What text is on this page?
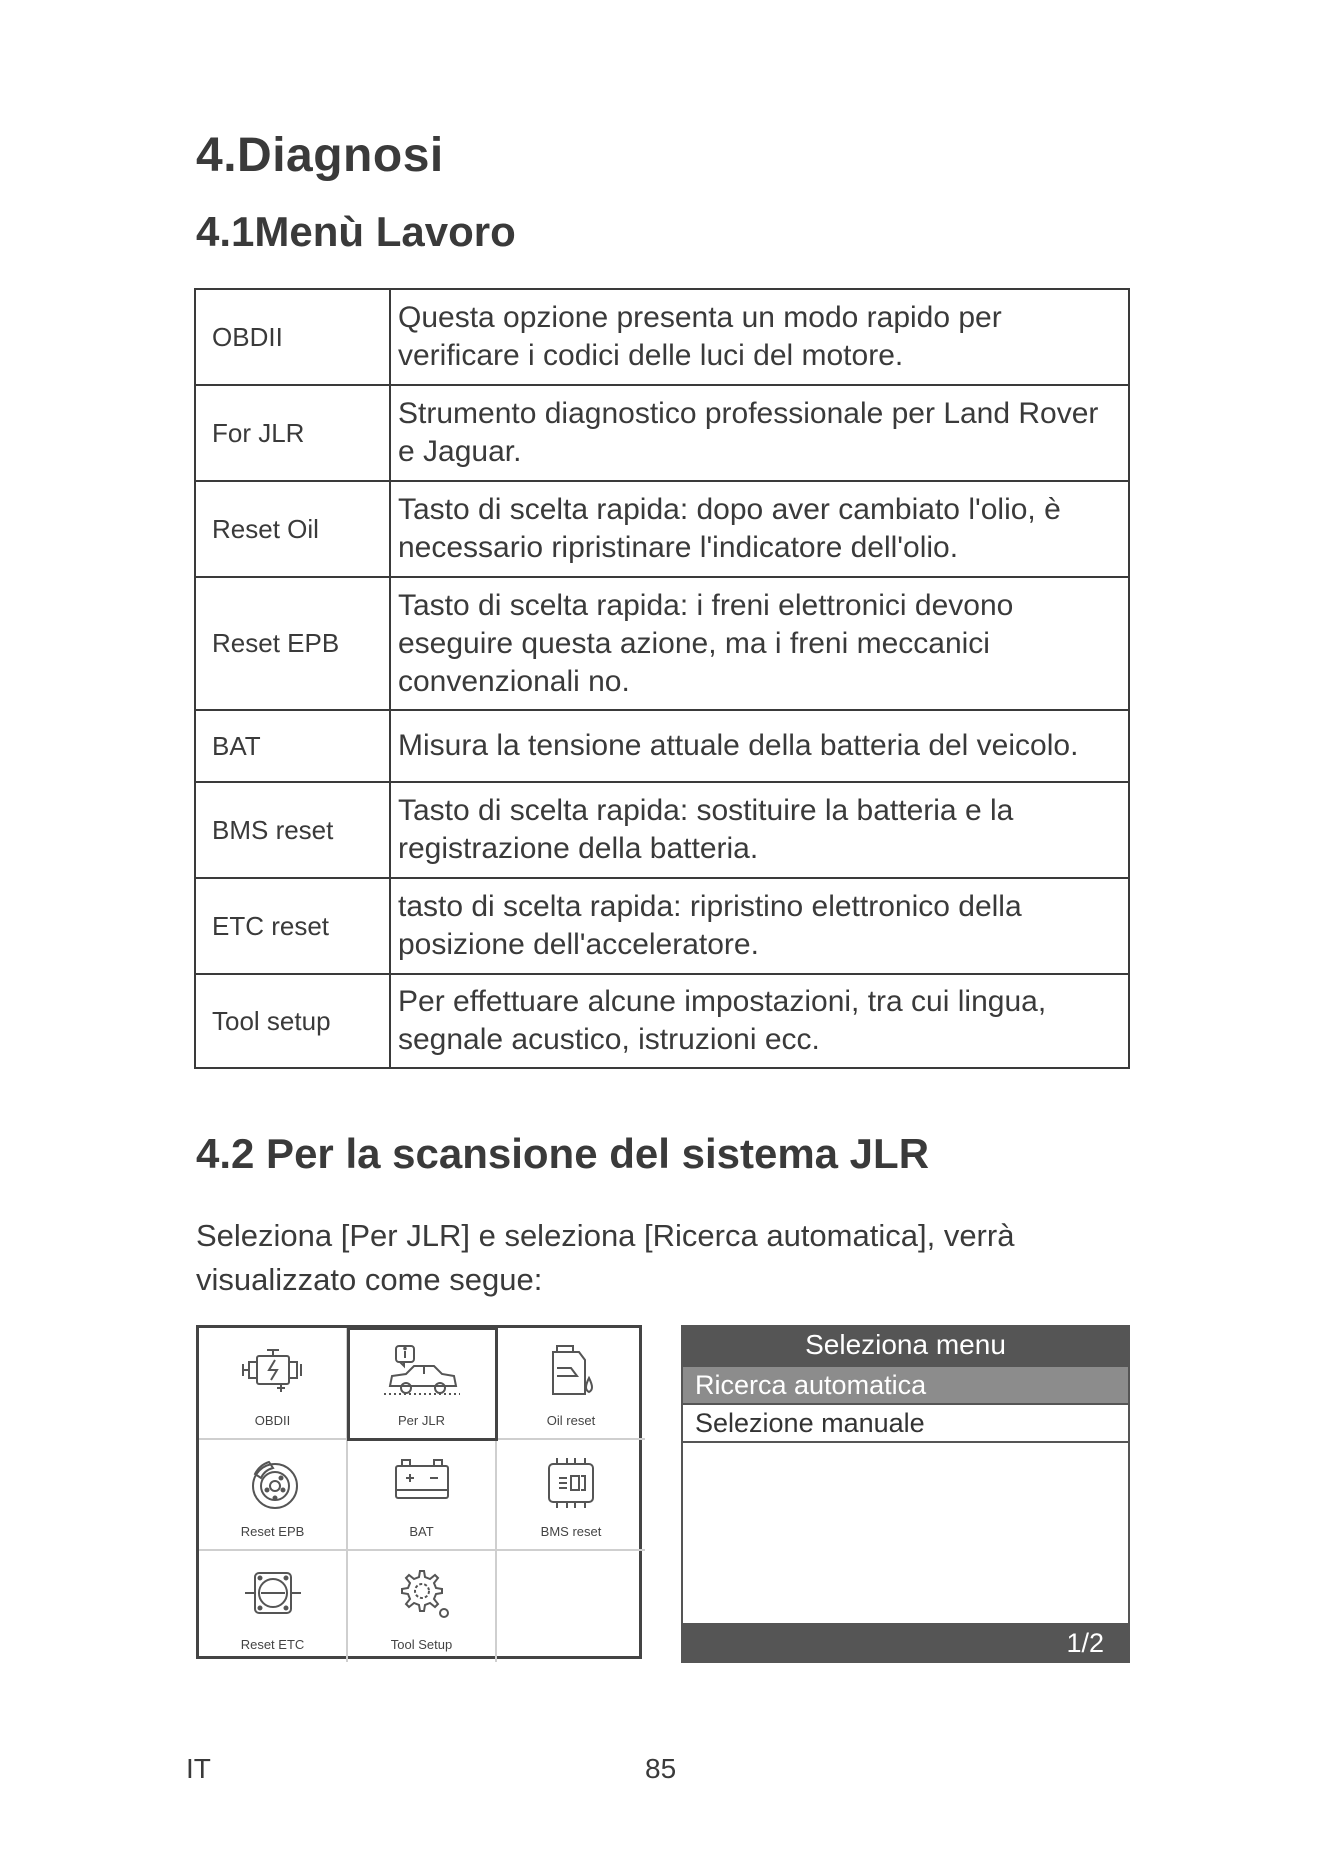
4.Diagnosi
4.1Menù Lavoro
OBDII	Questa opzione presenta un modo rapido per verificare i codici delle luci del motore.
For JLR	Strumento diagnostico professionale per Land Rover e Jaguar.
Reset Oil	Tasto di scelta rapida: dopo aver cambiato l'olio, è necessario ripristinare l'indicatore dell'olio.
Reset EPB	Tasto di scelta rapida: i freni elettronici devono eseguire questa azione, ma i freni meccanici convenzionali no.
BAT	Misura la tensione attuale della batteria del veicolo.
BMS reset	Tasto di scelta rapida: sostituire la batteria e la registrazione della batteria.
ETC reset	tasto di scelta rapida: ripristino elettronico della posizione dell'acceleratore.
Tool setup	Per effettuare alcune impostazioni, tra cui lingua, segnale acustico, istruzioni ecc.
4.2 Per la scansione del sistema JLR

Seleziona [Per JLR] e seleziona [Ricerca automatica], verrà visualizzato come segue:

OBDII	Per JLR	Oil reset
Reset EPB	BAT	BMS reset
Reset ETC	Tool Setup
Seleziona menu
Ricerca automatica
Selezione manuale
1/2
IT	85
